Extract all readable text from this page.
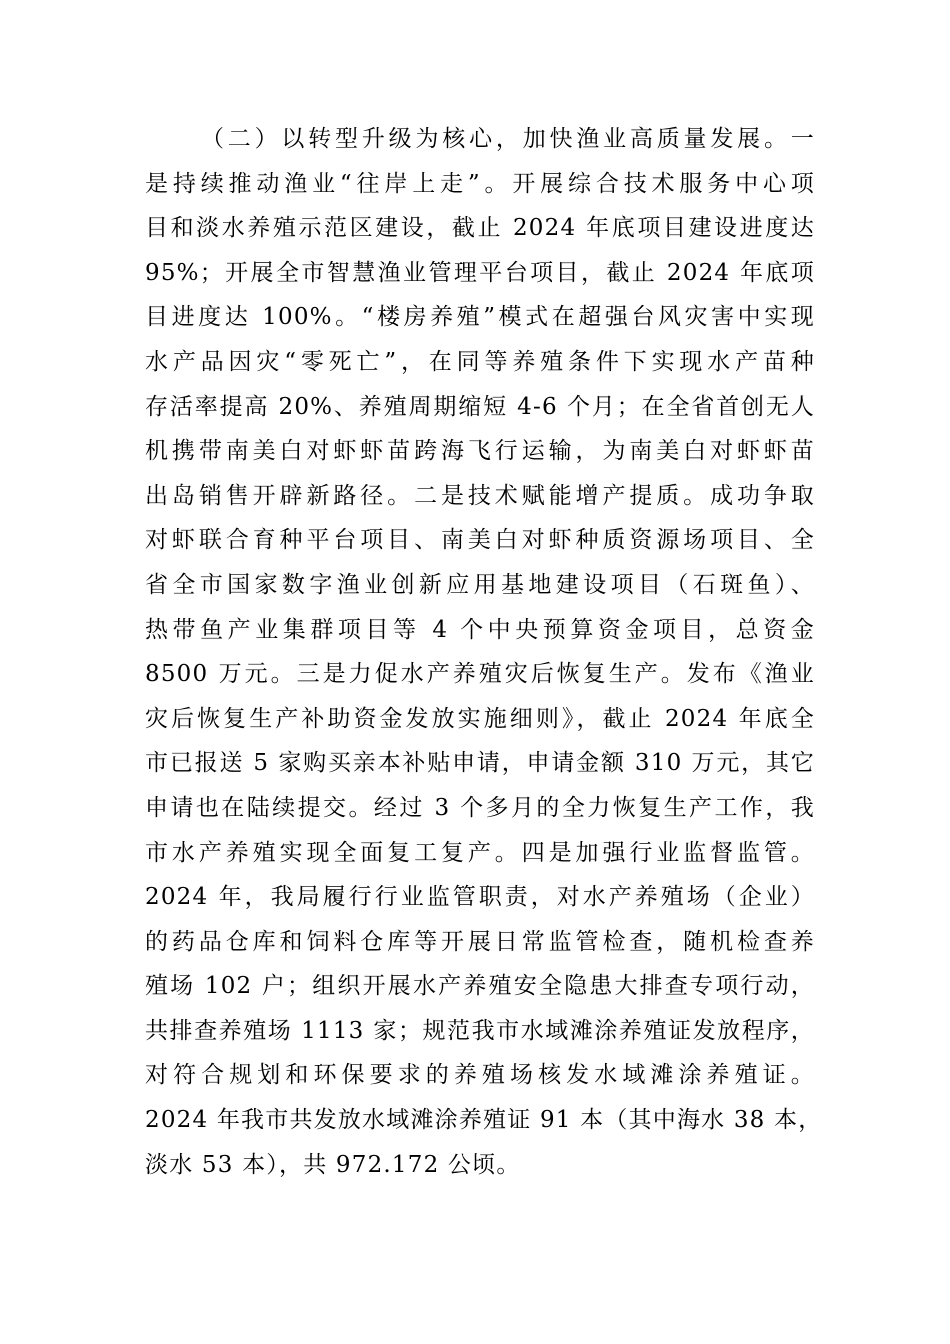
（二）以转型升级为核心，加快渔业高质量发展。一
是持续推动渔业“往岸上走”。开展综合技术服务中心项
目和淡水养殖示范区建设，截止 2024 年底项目建设进度达
95%；开展全市智慧渔业管理平台项目，截止 2024 年底项
目进度达 100%。“楼房养殖”模式在超强台风灾害中实现
水产品因灾“零死亡”，在同等养殖条件下实现水产苗种
存活率提高 20%、养殖周期缩短 4-6 个月；在全省首创无人
机携带南美白对虾虾苗跨海飞行运输，为南美白对虾虾苗
出岛销售开辟新路径。二是技术赋能增产提质。成功争取
对虾联合育种平台项目、南美白对虾种质资源场项目、全
省全市国家数字渔业创新应用基地建设项目（石斑鱼）、
热带鱼产业集群项目等 4 个中央预算资金项目，总资金
8500 万元。三是力促水产养殖灾后恢复生产。发布《渔业
灾后恢复生产补助资金发放实施细则》，截止 2024 年底全
市已报送 5 家购买亲本补贴申请，申请金额 310 万元，其它
申请也在陆续提交。经过 3 个多月的全力恢复生产工作，我
市水产养殖实现全面复工复产。四是加强行业监督监管。
2024 年，我局履行行业监管职责，对水产养殖场（企业）
的药品仓库和饲料仓库等开展日常监管检查，随机检查养
殖场 102 户；组织开展水产养殖安全隐患大排查专项行动，
共排查养殖场 1113 家；规范我市水域滩涂养殖证发放程序，
对符合规划和环保要求的养殖场核发水域滩涂养殖证。
2024 年我市共发放水域滩涂养殖证 91 本（其中海水 38 本，
淡水 53 本），共 972.172 公顷。
